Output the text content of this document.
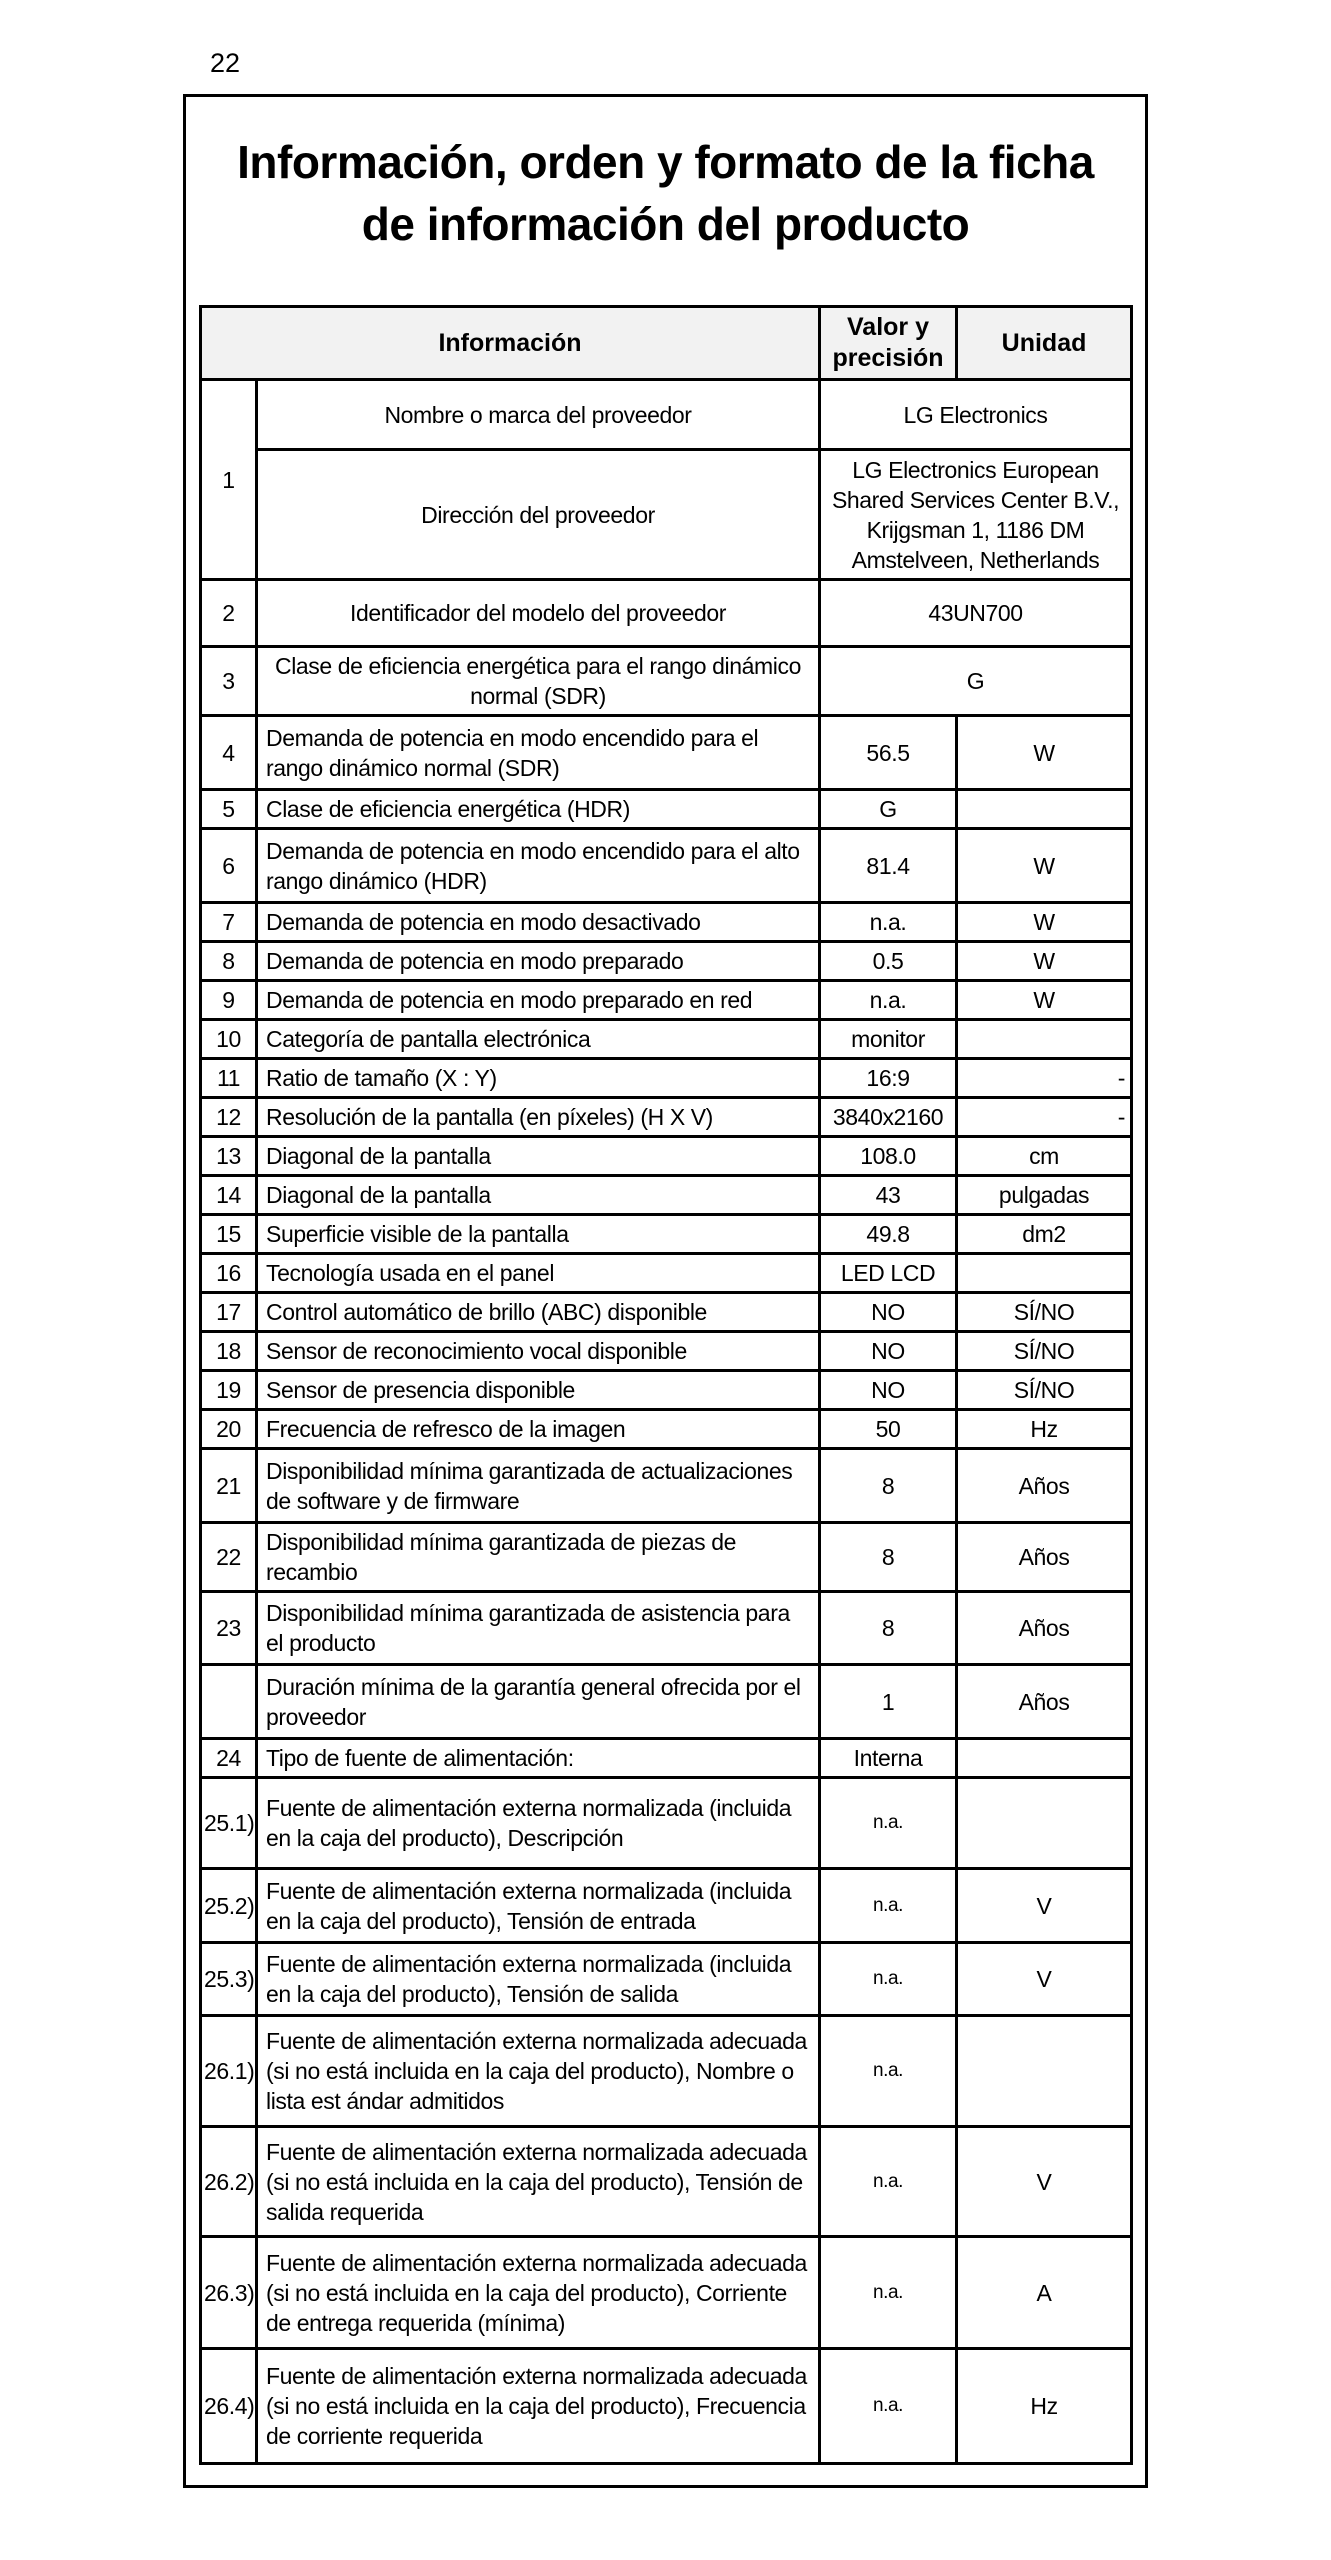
22
Información, orden y formato de la ficha
de información del producto
Información		Valor y precisión	Unidad
1	Nombre o marca del proveedor	LG Electronics	
	Dirección del proveedor	LG Electronics European Shared Services Center B.V., Krijgsman 1, 1186 DM Amstelveen, Netherlands	
2	Identificador del modelo del proveedor	43UN700	
3	Clase de eficiencia energética para el rango dinámico normal (SDR)	G	
4	Demanda de potencia en modo encendido para el rango dinámico normal (SDR)	56.5	W
5	Clase de eficiencia energética (HDR)	G	
6	Demanda de potencia en modo encendido para el alto rango dinámico (HDR)	81.4	W
7	Demanda de potencia en modo desactivado	n.a.	W
8	Demanda de potencia en modo preparado	0.5	W
9	Demanda de potencia en modo preparado en red	n.a.	W
10	Categoría de pantalla electrónica	monitor	
11	Ratio de tamaño (X : Y)	16:9	-
12	Resolución de la pantalla (en píxeles) (H X V)	3840x2160	-
13	Diagonal de la pantalla	108.0	cm
14	Diagonal de la pantalla	43	pulgadas
15	Superficie visible de la pantalla	49.8	dm2
16	Tecnología usada en el panel	LED LCD	
17	Control automático de brillo (ABC) disponible	NO	SÍ/NO
18	Sensor de reconocimiento vocal disponible	NO	SÍ/NO
19	Sensor de presencia disponible	NO	SÍ/NO
20	Frecuencia de refresco de la imagen	50	Hz
21	Disponibilidad mínima garantizada de actualizaciones de software y de firmware	8	Años
22	Disponibilidad mínima garantizada de piezas de recambio	8	Años
23	Disponibilidad mínima garantizada de asistencia para el producto	8	Años
	Duración mínima de la garantía general ofrecida por el proveedor	1	Años
24	Tipo de fuente de alimentación:	Interna	
25.1)	Fuente de alimentación externa normalizada (incluida en la caja del producto), Descripción	n.a.	
25.2)	Fuente de alimentación externa normalizada (incluida en la caja del producto), Tensión de entrada	n.a.	V
25.3)	Fuente de alimentación externa normalizada (incluida en la caja del producto), Tensión de salida	n.a.	V
26.1)	Fuente de alimentación externa normalizada adecuada (si no está incluida en la caja del producto), Nombre o lista est ándar admitidos	n.a.	
26.2)	Fuente de alimentación externa normalizada adecuada (si no está incluida en la caja del producto), Tensión de salida requerida	n.a.	V
26.3)	Fuente de alimentación externa normalizada adecuada (si no está incluida en la caja del producto), Corriente de entrega requerida (mínima)	n.a.	A
26.4)	Fuente de alimentación externa normalizada adecuada (si no está incluida en la caja del producto), Frecuencia de corriente requerida	n.a.	Hz
